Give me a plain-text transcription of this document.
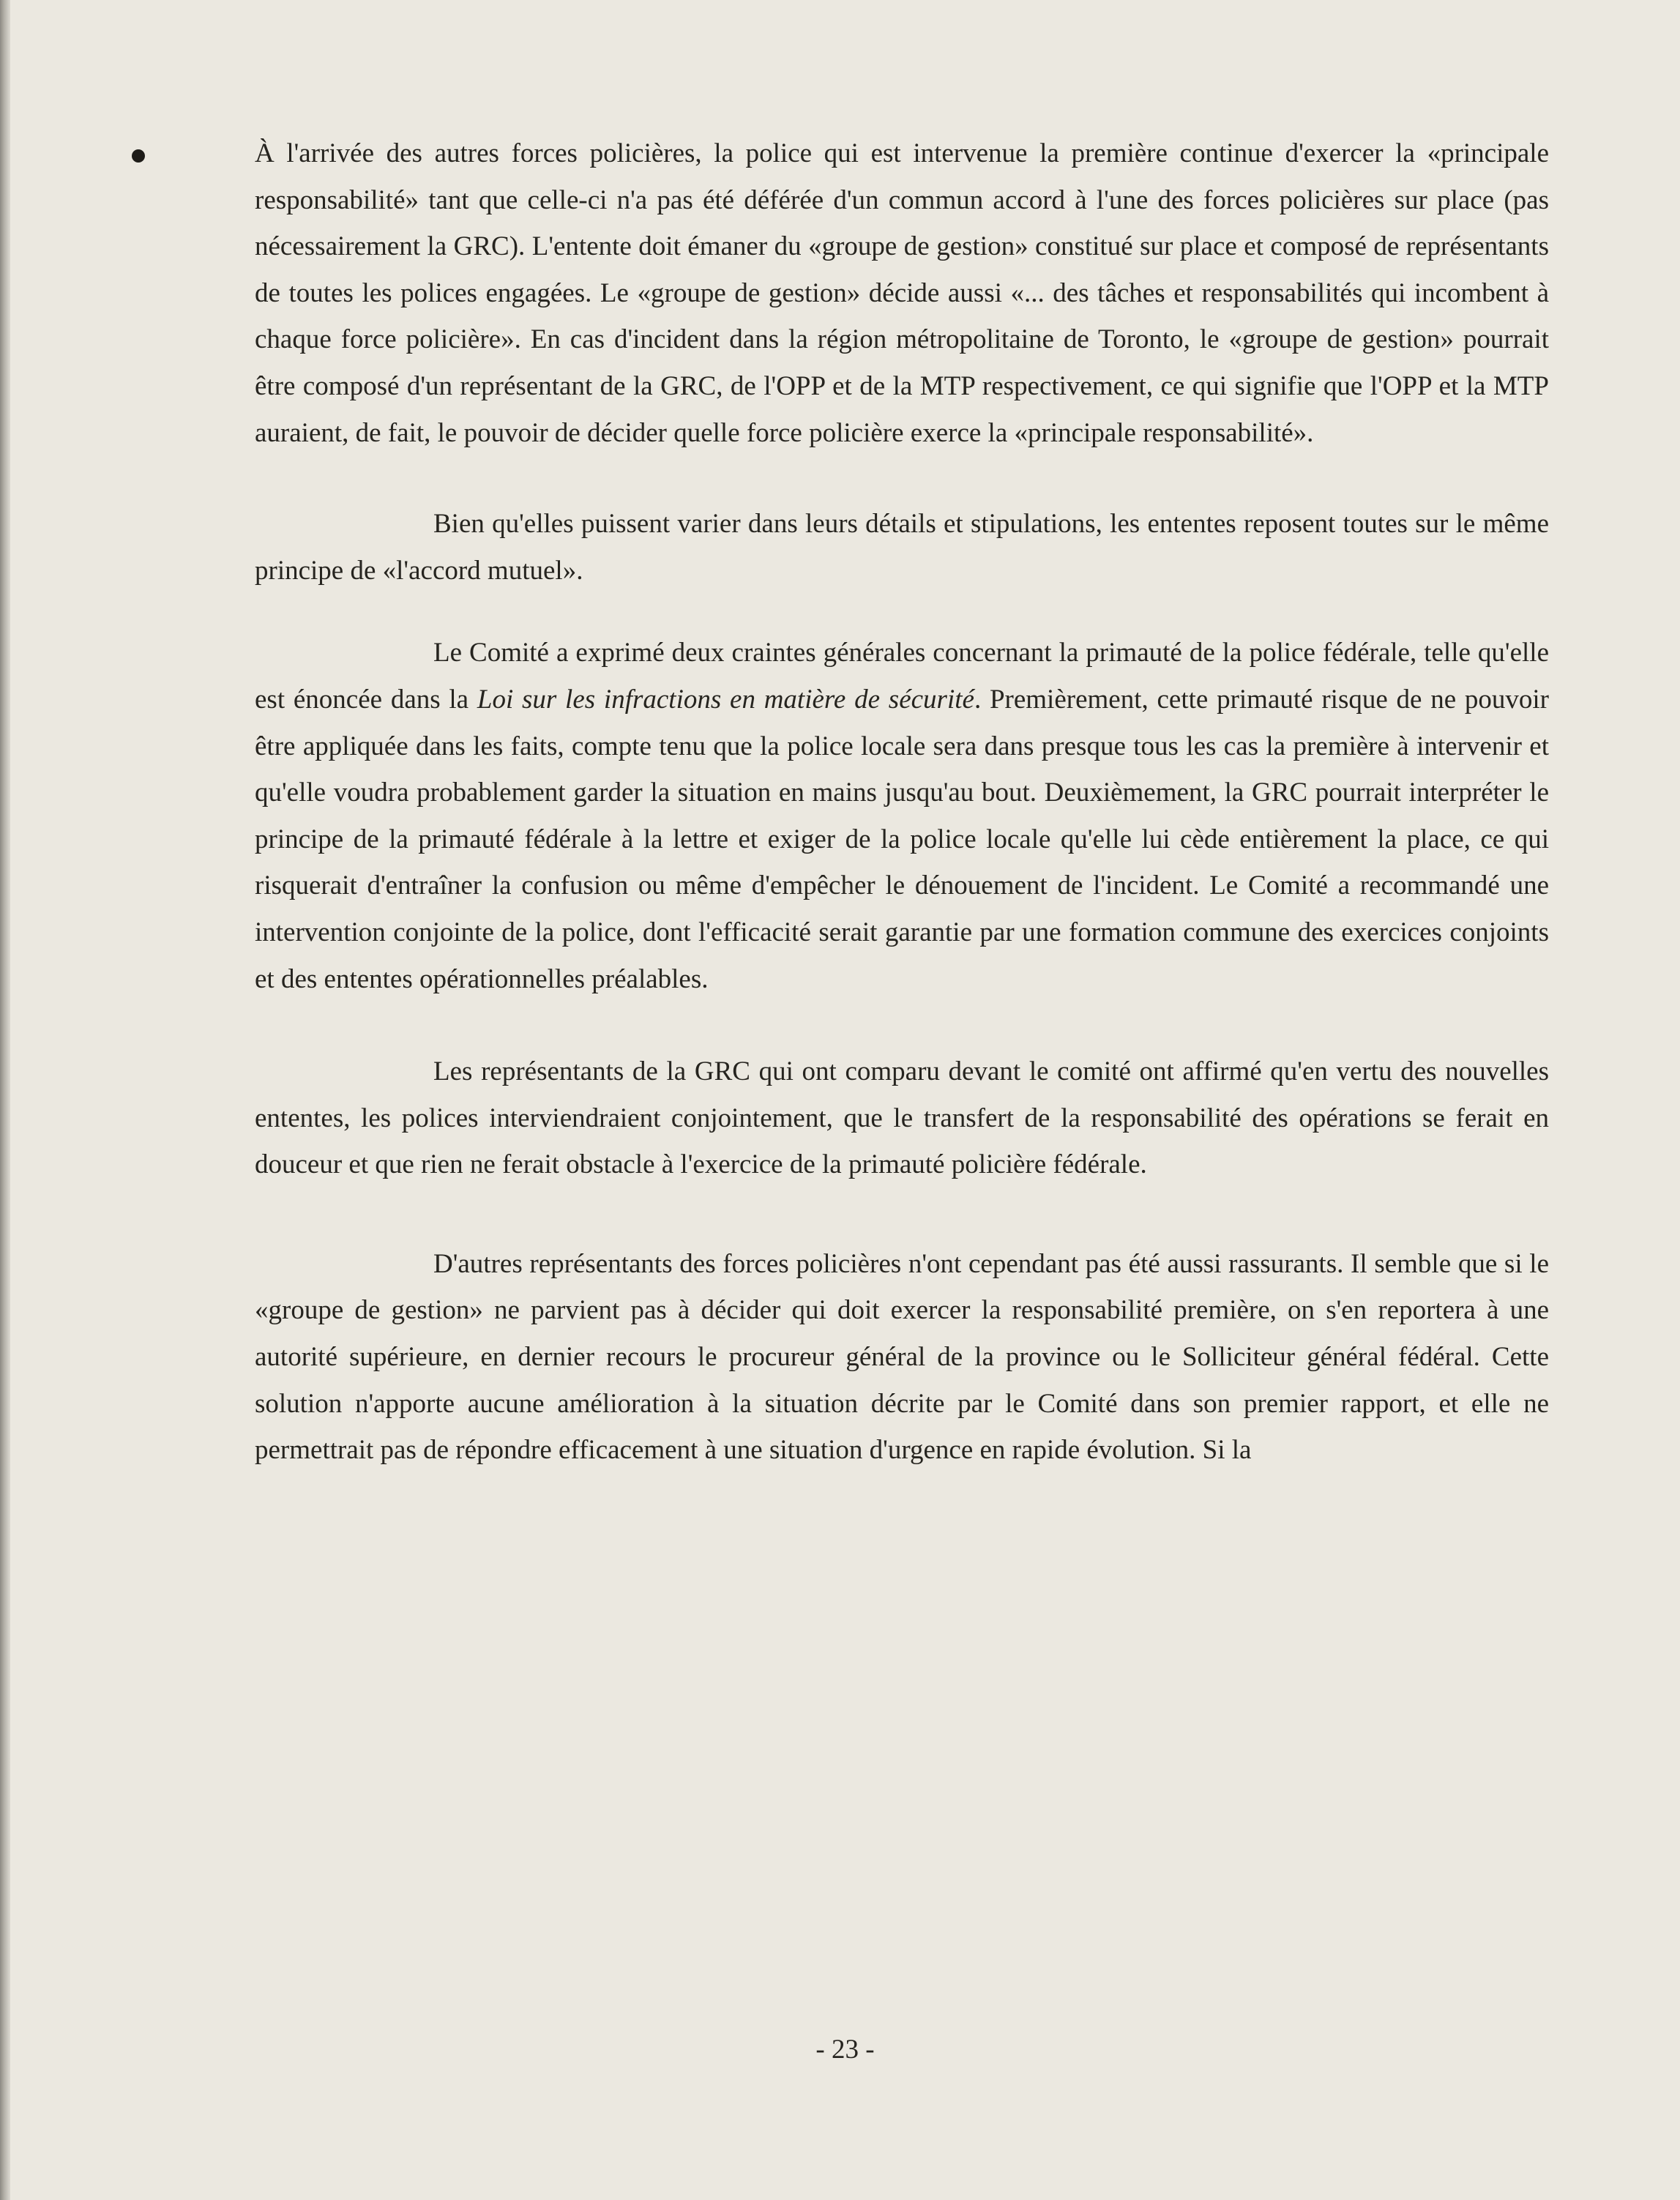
À l'arrivée des autres forces policières, la police qui est intervenue la première continue d'exercer la «principale responsabilité» tant que celle-ci n'a pas été déférée d'un commun accord à l'une des forces policières sur place (pas nécessairement la GRC). L'entente doit émaner du «groupe de gestion» constitué sur place et composé de représentants de toutes les polices engagées. Le «groupe de gestion» décide aussi «... des tâches et responsabilités qui incombent à chaque force policière». En cas d'incident dans la région métropolitaine de Toronto, le «groupe de gestion» pourrait être composé d'un représentant de la GRC, de l'OPP et de la MTP respectivement, ce qui signifie que l'OPP et la MTP auraient, de fait, le pouvoir de décider quelle force policière exerce la «principale responsabilité».

Bien qu'elles puissent varier dans leurs détails et stipulations, les ententes reposent toutes sur le même principe de «l'accord mutuel».

Le Comité a exprimé deux craintes générales concernant la primauté de la police fédérale, telle qu'elle est énoncée dans la Loi sur les infractions en matière de sécurité. Premièrement, cette primauté risque de ne pouvoir être appliquée dans les faits, compte tenu que la police locale sera dans presque tous les cas la première à intervenir et qu'elle voudra probablement garder la situation en mains jusqu'au bout. Deuxièmement, la GRC pourrait interpréter le principe de la primauté fédérale à la lettre et exiger de la police locale qu'elle lui cède entièrement la place, ce qui risquerait d'entraîner la confusion ou même d'empêcher le dénouement de l'incident. Le Comité a recommandé une intervention conjointe de la police, dont l'efficacité serait garantie par une formation commune des exercices conjoints et des ententes opérationnelles préalables.

Les représentants de la GRC qui ont comparu devant le comité ont affirmé qu'en vertu des nouvelles ententes, les polices interviendraient conjointement, que le transfert de la responsabilité des opérations se ferait en douceur et que rien ne ferait obstacle à l'exercice de la primauté policière fédérale.

D'autres représentants des forces policières n'ont cependant pas été aussi rassurants. Il semble que si le «groupe de gestion» ne parvient pas à décider qui doit exercer la responsabilité première, on s'en reportera à une autorité supérieure, en dernier recours le procureur général de la province ou le Solliciteur général fédéral. Cette solution n'apporte aucune amélioration à la situation décrite par le Comité dans son premier rapport, et elle ne permettrait pas de répondre efficacement à une situation d'urgence en rapide évolution. Si la

- 23 -
